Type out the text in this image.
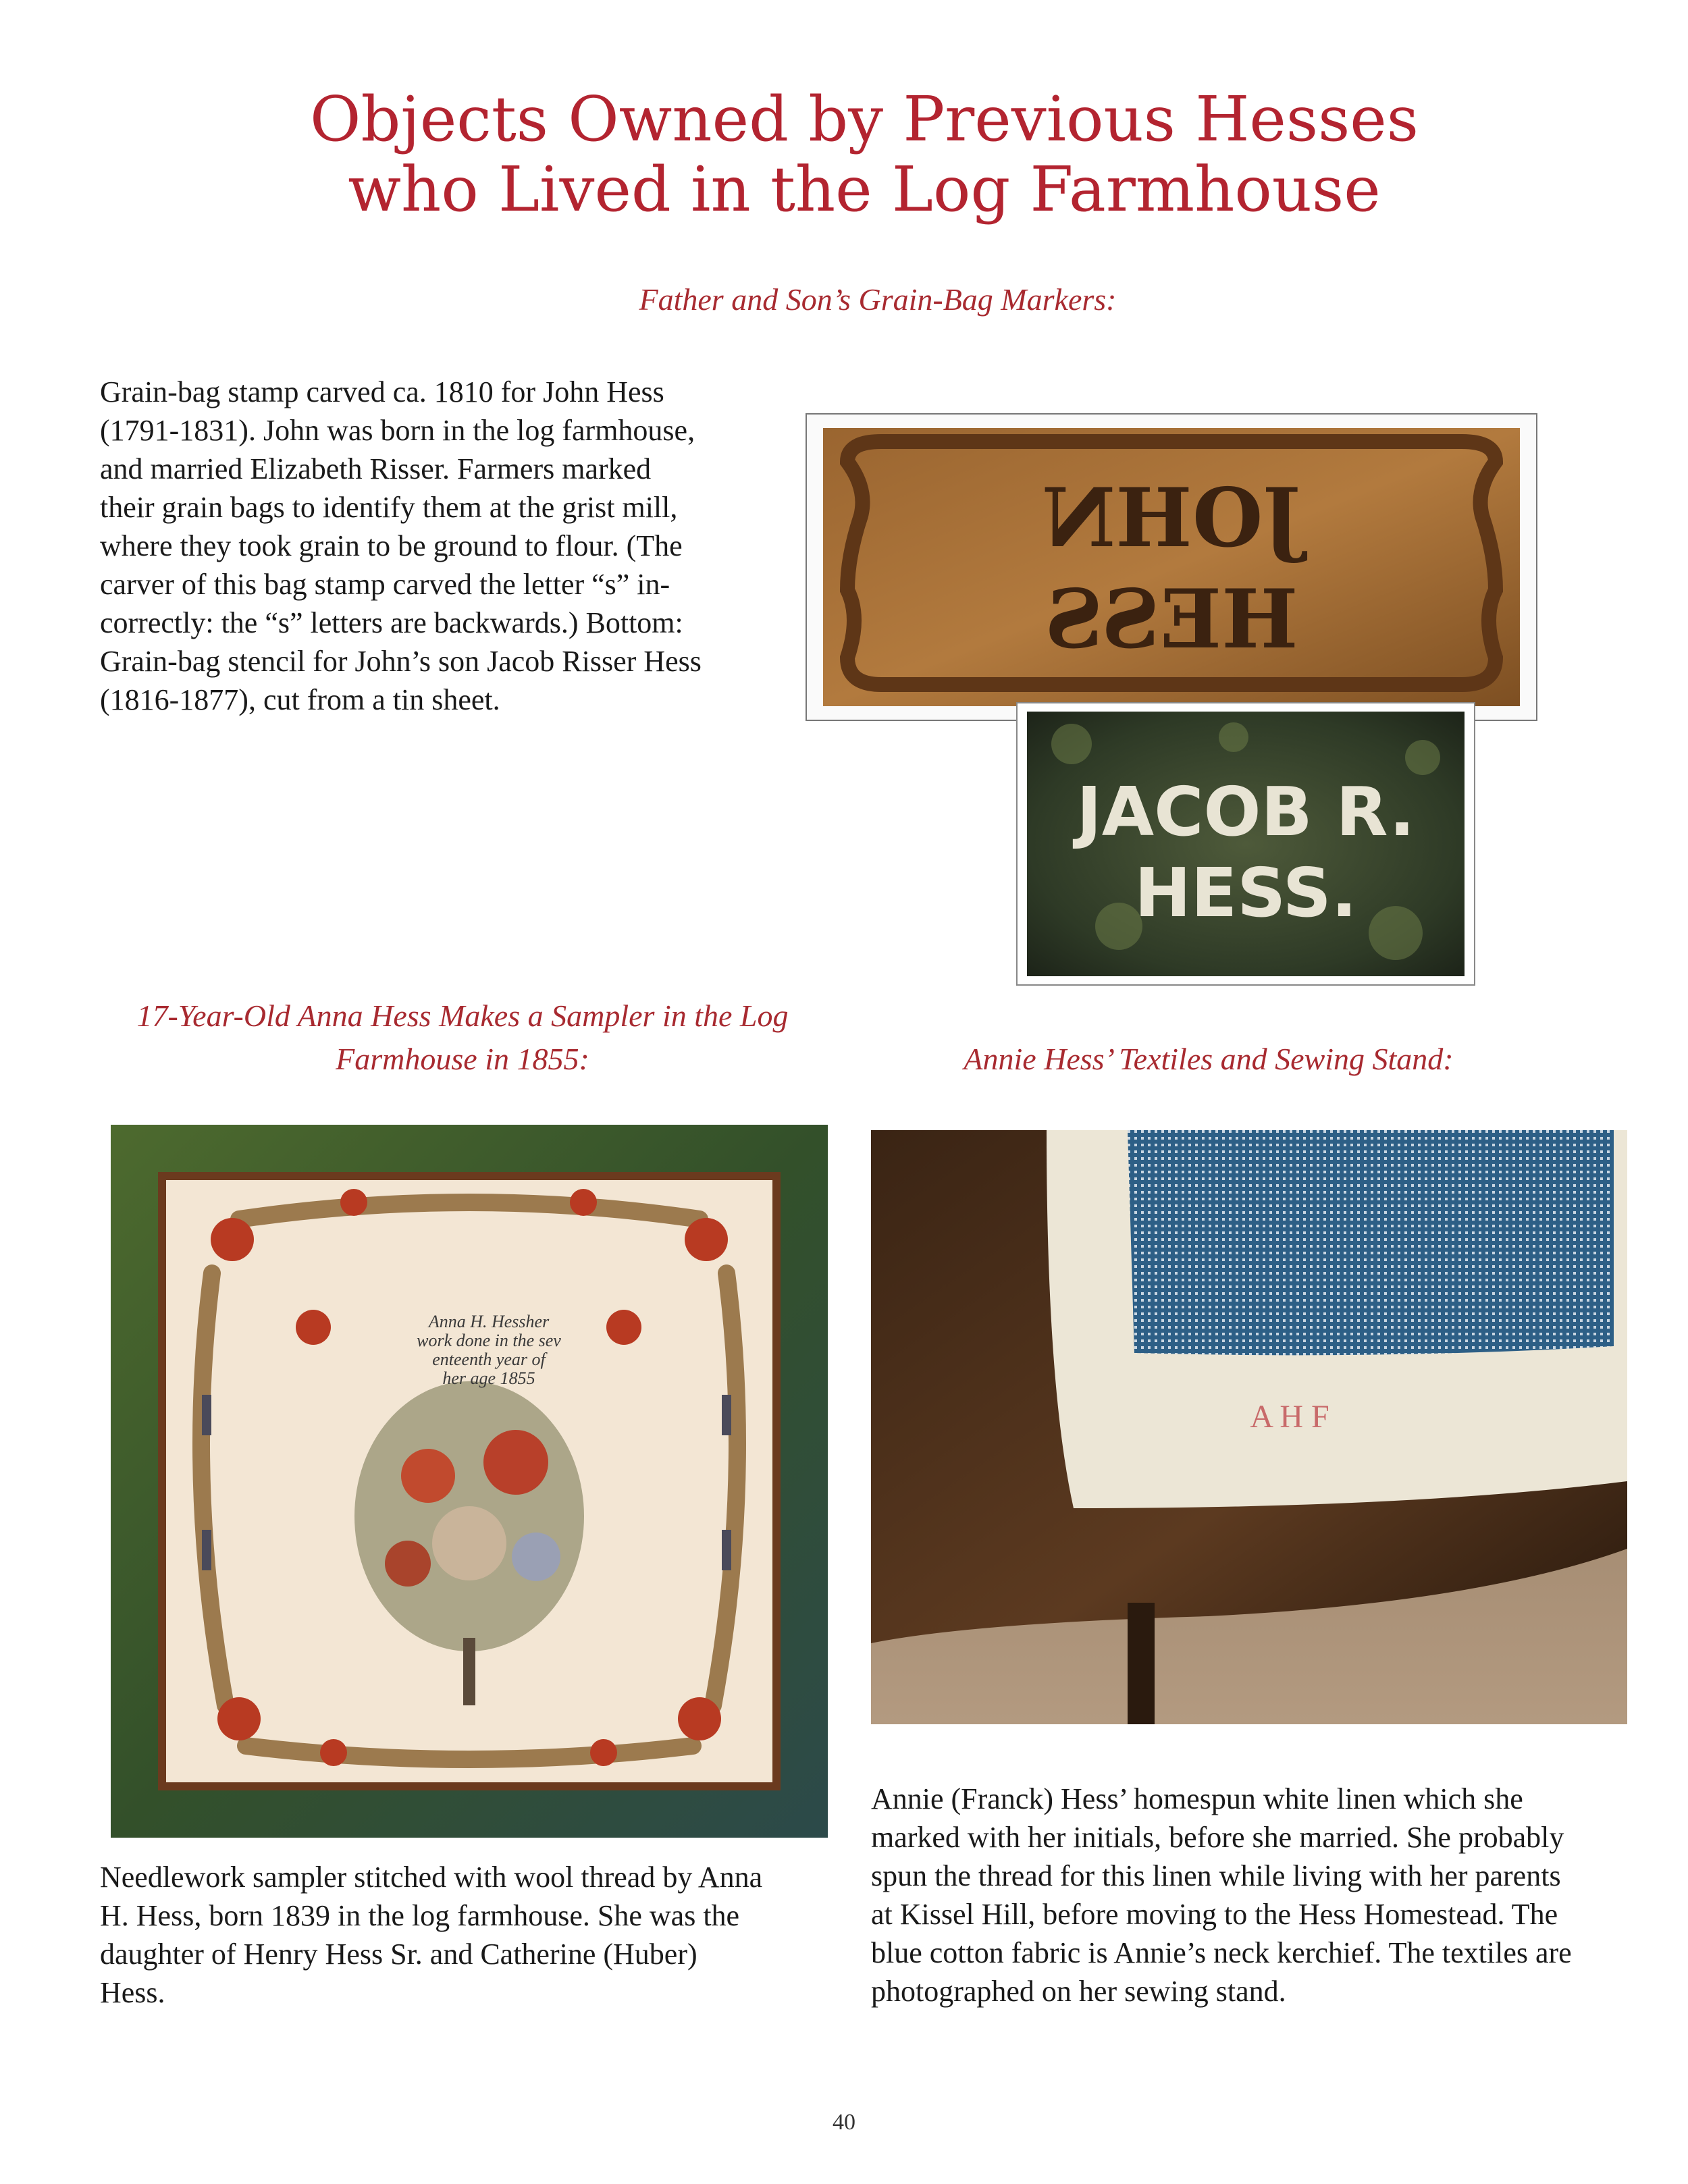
Objects Owned by Previous Hesses
who Lived in the Log Farmhouse
Father and Son’s Grain-Bag Markers:
Grain-bag stamp carved ca. 1810 for John Hess
(1791-1831). John was born in the log farmhouse,
and married Elizabeth Risser. Farmers marked
their grain bags to identify them at the grist mill,
where they took grain to be ground to flour. (The
carver of this bag stamp carved the letter “s” in-
correctly: the “s” letters are backwards.) Bottom:
Grain-bag stencil for John’s son Jacob Risser Hess
(1816-1877), cut from a tin sheet.
JOHN
HESS
JACOB R.
HESS.
17-Year-Old Anna Hess Makes a Sampler in the Log
Farmhouse in 1855:	Annie Hess’ Textiles and Sewing Stand:
Anna H. Hessher
work done in the sev
enteenth year of
her age 1855
A H F
Needlework sampler stitched with wool thread by Anna
H. Hess, born 1839 in the log farmhouse. She was the
daughter of Henry Hess Sr. and Catherine (Huber)
Hess.
Annie (Franck) Hess’ homespun white linen which she
marked with her initials, before she married. She probably
spun the thread for this linen while living with her parents
at Kissel Hill, before moving to the Hess Homestead. The
blue cotton fabric is Annie’s neck kerchief. The textiles are
photographed on her sewing stand.
40
